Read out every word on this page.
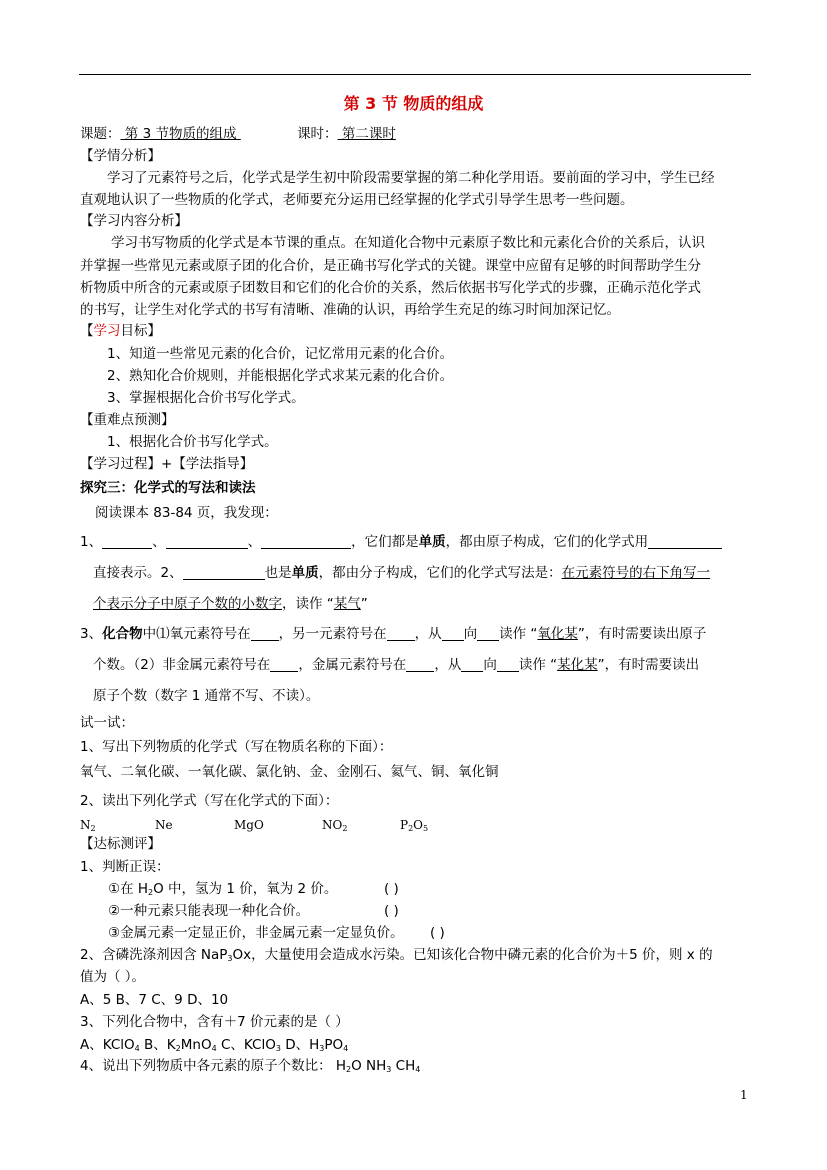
第 3 节 物质的组成
课题： 第 3 节物质的组成	课时： 第二课时
【学情分析】
学习了元素符号之后，化学式是学生初中阶段需要掌握的第二种化学用语。要前面的学习中，学生已经
直观地认识了一些物质的化学式，老师要充分运用已经掌握的化学式引导学生思考一些问题。
【学习内容分析】
学习书写物质的化学式是本节课的重点。在知道化合物中元素原子数比和元素化合价的关系后，认识
并掌握一些常见元素或原子团的化合价，是正确书写化学式的关键。课堂中应留有足够的时间帮助学生分
析物质中所含的元素或原子团数目和它们的化合价的关系，然后依据书写化学式的步骤，正确示范化学式
的书写，让学生对化学式的书写有清晰、准确的认识，再给学生充足的练习时间加深记忆。
【学习目标】
1、知道一些常见元素的化合价，记忆常用元素的化合价。
2、熟知化合价规则，并能根据化学式求某元素的化合价。
3、掌握根据化合价书写化学式。
【重难点预测】
1、根据化合价书写化学式。
【学习过程】+【学法指导】
探究三：化学式的写法和读法
阅读课本 83-84 页，我发现：
1、	、	、	，它们都是单质，都由原子构成，它们的化学式用
直接表示。2、	也是单质，都由分子构成，它们的化学式写法是：在元素符号的右下角写一
个表示分子中原子个数的小数字，读作 “某气”
3、化合物中⑴氧元素符号在 ，另一元素符号在 ，从 向 读作 “氧化某”，有时需要读出原子
个数。（2）非金属元素符号在 ，金属元素符号在 ，从 向 读作 “某化某”，有时需要读出
原子个数（数字 1 通常不写、不读）。
试一试：
1、写出下列物质的化学式（写在物质名称的下面）：
氧气、二氧化碳、一氧化碳、氯化钠、金、金刚石、氦气、铜、氧化铜
2、读出下列化学式（写在化学式的下面）：
$N_2$	Ne	MgO	$NO_2$	$P_2O_5$
【达标测评】
1、判断正误：
①在 $H_2O$ 中，氢为 1 价，氧为 2 价。	( )
②一种元素只能表现一种化合价。	( )
③金属元素一定显正价，非金属元素一定显负价。 ( )
2、含磷洗涤剂因含 NaP$_3$Ox，大量使用会造成水污染。已知该化合物中磷元素的化合价为＋5 价，则 x 的
值为（ ）。
A、5 B、7 C、9 D、10
3、下列化合物中，含有＋7 价元素的是（ ）
A、KClO$_4$ B、$K_2MnO_4$ C、KClO$_3$ D、$H_3PO_4$
4、说出下列物质中各元素的原子个数比： $H_2O$ $NH_3$ $CH_4$
1
